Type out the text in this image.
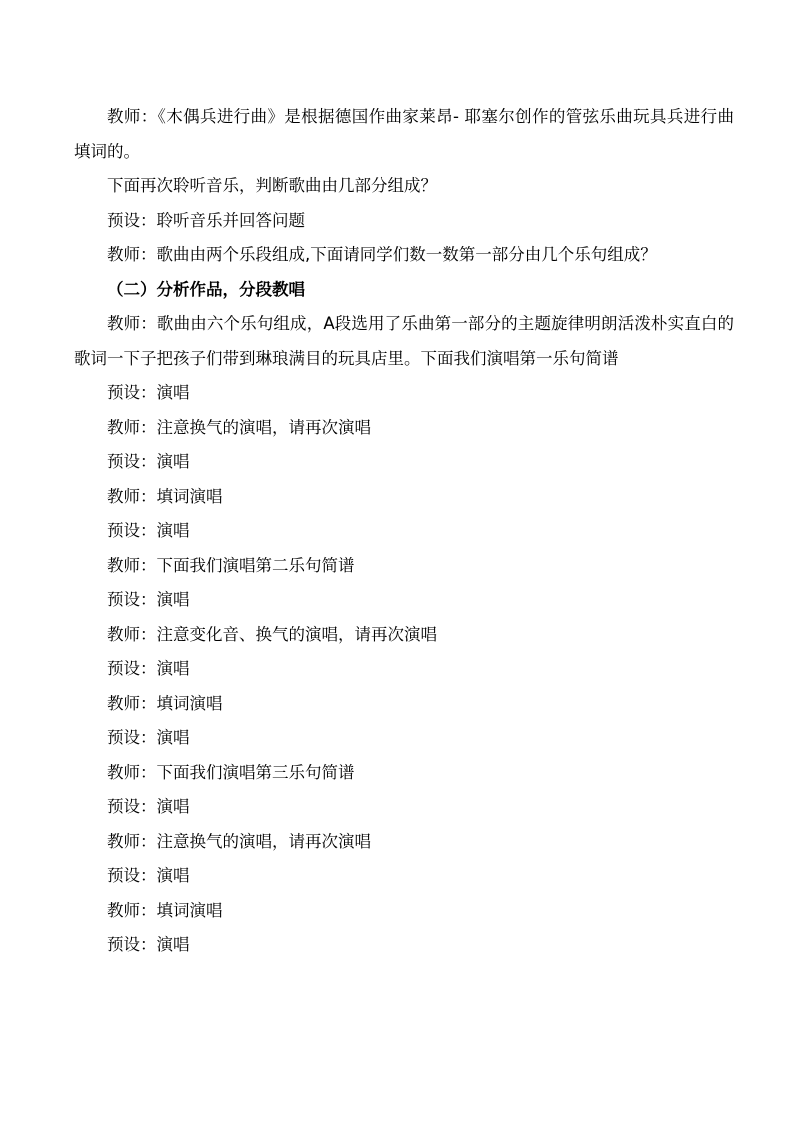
教师：《木偶兵进行曲》是根据德国作曲家莱昂- 耶塞尔创作的管弦乐曲玩具兵进行曲填词的。

下面再次聆听音乐，判断歌曲由几部分组成？

预设：聆听音乐并回答问题

教师：歌曲由两个乐段组成,下面请同学们数一数第一部分由几个乐句组成？

（二）分析作品，分段教唱

教师：歌曲由六个乐句组成，A段选用了乐曲第一部分的主题旋律明朗活泼朴实直白的歌词一下子把孩子们带到琳琅满目的玩具店里。下面我们演唱第一乐句简谱

预设：演唱

教师：注意换气的演唱，请再次演唱

预设：演唱

教师：填词演唱

预设：演唱

教师：下面我们演唱第二乐句简谱

预设：演唱

教师：注意变化音、换气的演唱，请再次演唱

预设：演唱

教师：填词演唱

预设：演唱

教师：下面我们演唱第三乐句简谱

预设：演唱

教师：注意换气的演唱，请再次演唱

预设：演唱

教师：填词演唱

预设：演唱
